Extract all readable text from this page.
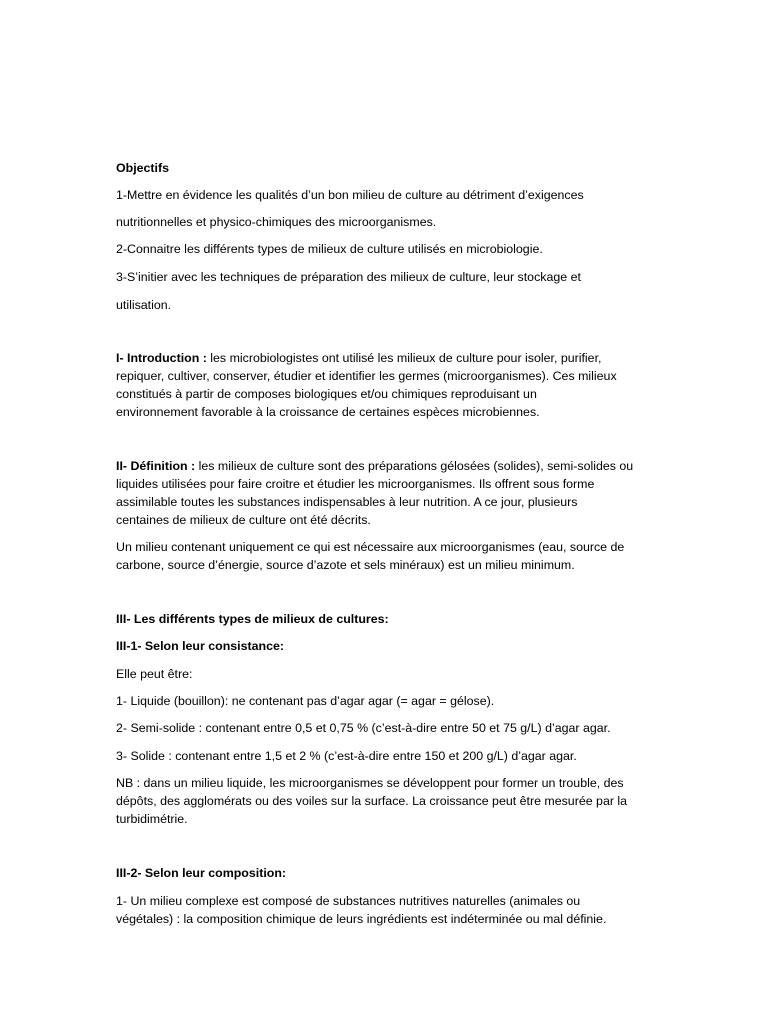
Objectifs
1-Mettre en évidence les qualités d’un bon milieu de culture au détriment d’exigences
nutritionnelles et physico-chimiques des microorganismes.
2-Connaitre les différents types de milieux de culture utilisés en microbiologie.
3-S’initier avec les techniques de préparation des milieux de culture, leur stockage et
utilisation.
I- Introduction : les microbiologistes ont utilisé les milieux de culture pour isoler, purifier,
repiquer, cultiver, conserver, étudier et identifier les germes (microorganismes). Ces milieux
constitués à partir de composes biologiques et/ou chimiques reproduisant un
environnement favorable à la croissance de certaines espèces microbiennes.
II- Définition : les milieux de culture sont des préparations gélosées (solides), semi-solides ou
liquides utilisées pour faire croitre et étudier les microorganismes. Ils offrent sous forme
assimilable toutes les substances indispensables à leur nutrition. A ce jour, plusieurs
centaines de milieux de culture ont été décrits.
Un milieu contenant uniquement ce qui est nécessaire aux microorganismes (eau, source de
carbone, source d’énergie, source d’azote et sels minéraux) est un milieu minimum.
III- Les différents types de milieux de cultures:
III-1- Selon leur consistance:
Elle peut être:
1- Liquide (bouillon): ne contenant pas d’agar agar (= agar = gélose).
2- Semi-solide : contenant entre 0,5 et 0,75 % (c’est-à-dire entre 50 et 75 g/L) d’agar agar.
3- Solide : contenant entre 1,5 et 2 % (c’est-à-dire entre 150 et 200 g/L) d’agar agar.
NB : dans un milieu liquide, les microorganismes se développent pour former un trouble, des
dépôts, des agglomérats ou des voiles sur la surface. La croissance peut être mesurée par la
turbidimétrie.
III-2- Selon leur composition:
1- Un milieu complexe est composé de substances nutritives naturelles (animales ou
végétales) : la composition chimique de leurs ingrédients est indéterminée ou mal définie.
